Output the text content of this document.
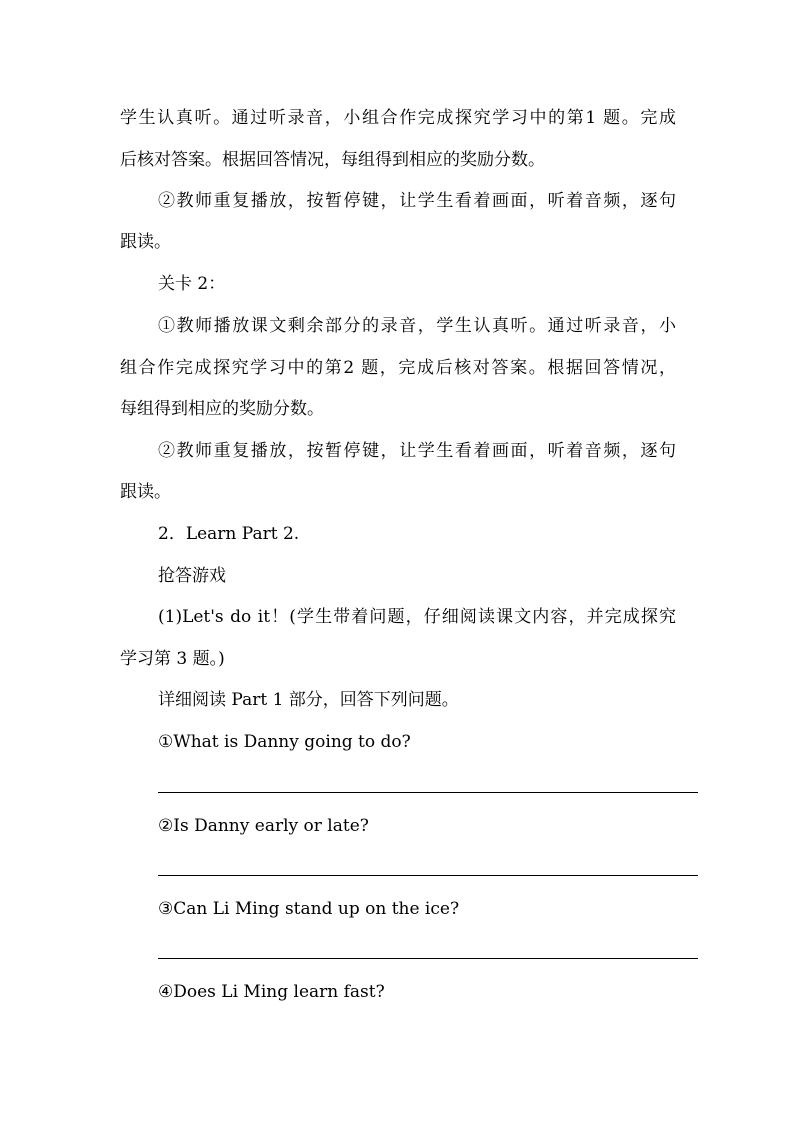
学生认真听。通过听录音，小组合作完成探究学习中的第1 题。完成
后核对答案。根据回答情况，每组得到相应的奖励分数。
②教师重复播放，按暂停键，让学生看着画面，听着音频，逐句
跟读。
关卡 2：
①教师播放课文剩余部分的录音，学生认真听。通过听录音，小
组合作完成探究学习中的第2 题，完成后核对答案。根据回答情况，
每组得到相应的奖励分数。
②教师重复播放，按暂停键，让学生看着画面，听着音频，逐句
跟读。
2．Learn Part 2.
抢答游戏
(1)Let's do it！(学生带着问题，仔细阅读课文内容，并完成探究
学习第 3 题。)
详细阅读 Part 1 部分，回答下列问题。
①What is Danny going to do?
②Is Danny early or late?
③Can Li Ming stand up on the ice?
④Does Li Ming learn fast?
